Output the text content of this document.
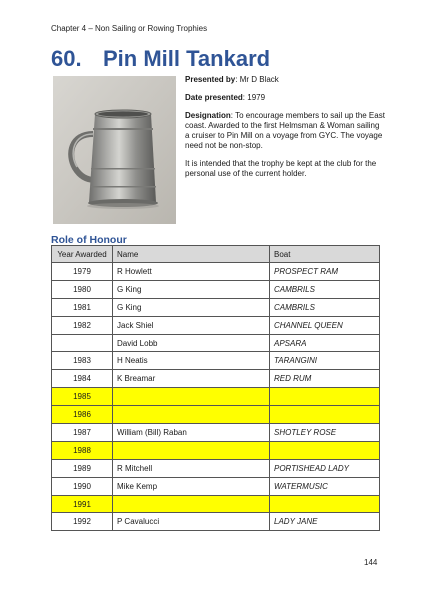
Chapter 4 – Non Sailing or Rowing Trophies
60. Pin Mill Tankard

Presented by: Mr D Black

Date presented: 1979

Designation: To encourage members to sail up the East coast. Awarded to the first Helmsman & Woman sailing a cruiser to Pin Mill on a voyage from GYC. The voyage need not be non-stop.

It is intended that the trophy be kept at the club for the personal use of the current holder.

Role of Honour
Year Awarded	Name	Boat
1979	R Howlett	PROSPECT RAM
1980	G King	CAMBRILS
1981	G King	CAMBRILS
1982	Jack Shiel	CHANNEL QUEEN
	David Lobb	APSARA
1983	H Neatis	TARANGINI
1984	K Breamar	RED RUM
1985		
1986		
1987	William (Bill) Raban	SHOTLEY ROSE
1988		
1989	R Mitchell	PORTISHEAD LADY
1990	Mike Kemp	WATERMUSIC
1991		
1992	P Cavalucci	LADY JANE
144
